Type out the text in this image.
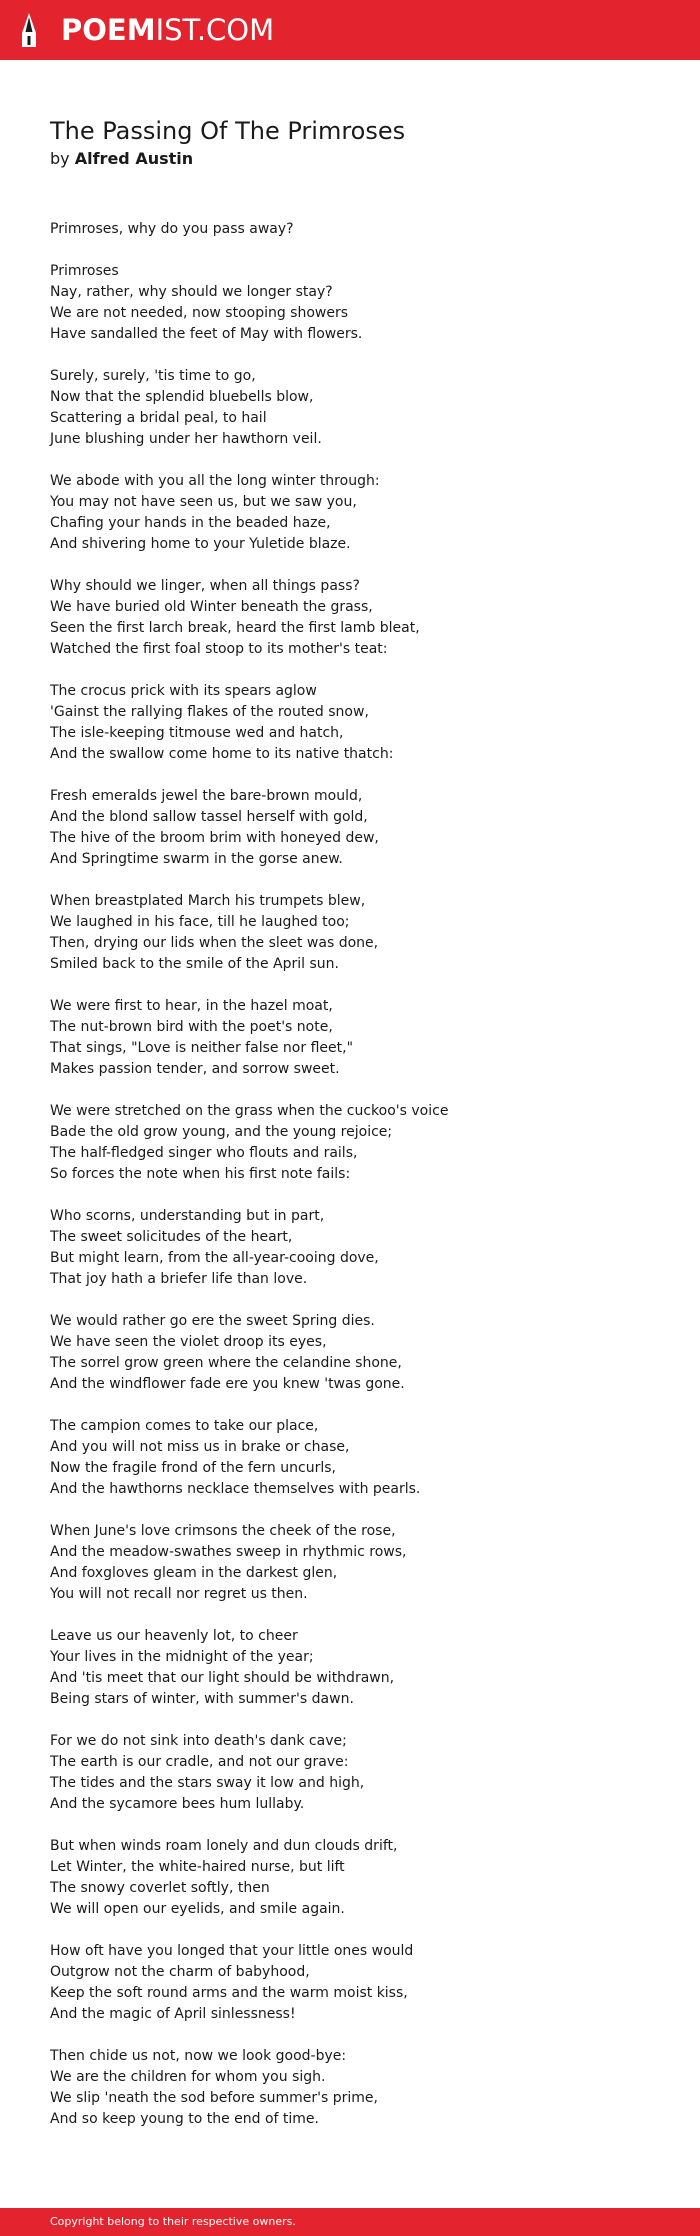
POEMIST.COM
The Passing Of The Primroses
by Alfred Austin
Primroses, why do you pass away?
Primroses
Nay, rather, why should we longer stay?
We are not needed, now stooping showers
Have sandalled the feet of May with flowers.
Surely, surely, 'tis time to go,
Now that the splendid bluebells blow,
Scattering a bridal peal, to hail
June blushing under her hawthorn veil.
We abode with you all the long winter through:
You may not have seen us, but we saw you,
Chafing your hands in the beaded haze,
And shivering home to your Yuletide blaze.
Why should we linger, when all things pass?
We have buried old Winter beneath the grass,
Seen the first larch break, heard the first lamb bleat,
Watched the first foal stoop to its mother's teat:
The crocus prick with its spears aglow
'Gainst the rallying flakes of the routed snow,
The isle-keeping titmouse wed and hatch,
And the swallow come home to its native thatch:
Fresh emeralds jewel the bare-brown mould,
And the blond sallow tassel herself with gold,
The hive of the broom brim with honeyed dew,
And Springtime swarm in the gorse anew.
When breastplated March his trumpets blew,
We laughed in his face, till he laughed too;
Then, drying our lids when the sleet was done,
Smiled back to the smile of the April sun.
We were first to hear, in the hazel moat,
The nut-brown bird with the poet's note,
That sings, "Love is neither false nor fleet,"
Makes passion tender, and sorrow sweet.
We were stretched on the grass when the cuckoo's voice
Bade the old grow young, and the young rejoice;
The half-fledged singer who flouts and rails,
So forces the note when his first note fails:
Who scorns, understanding but in part,
The sweet solicitudes of the heart,
But might learn, from the all-year-cooing dove,
That joy hath a briefer life than love.
We would rather go ere the sweet Spring dies.
We have seen the violet droop its eyes,
The sorrel grow green where the celandine shone,
And the windflower fade ere you knew 'twas gone.
The campion comes to take our place,
And you will not miss us in brake or chase,
Now the fragile frond of the fern uncurls,
And the hawthorns necklace themselves with pearls.
When June's love crimsons the cheek of the rose,
And the meadow-swathes sweep in rhythmic rows,
And foxgloves gleam in the darkest glen,
You will not recall nor regret us then.
Leave us our heavenly lot, to cheer
Your lives in the midnight of the year;
And 'tis meet that our light should be withdrawn,
Being stars of winter, with summer's dawn.
For we do not sink into death's dank cave;
The earth is our cradle, and not our grave:
The tides and the stars sway it low and high,
And the sycamore bees hum lullaby.
But when winds roam lonely and dun clouds drift,
Let Winter, the white-haired nurse, but lift
The snowy coverlet softly, then
We will open our eyelids, and smile again.
How oft have you longed that your little ones would
Outgrow not the charm of babyhood,
Keep the soft round arms and the warm moist kiss,
And the magic of April sinlessness!
Then chide us not, now we look good-bye:
We are the children for whom you sigh.
We slip 'neath the sod before summer's prime,
And so keep young to the end of time.
Copyright belong to their respective owners.
